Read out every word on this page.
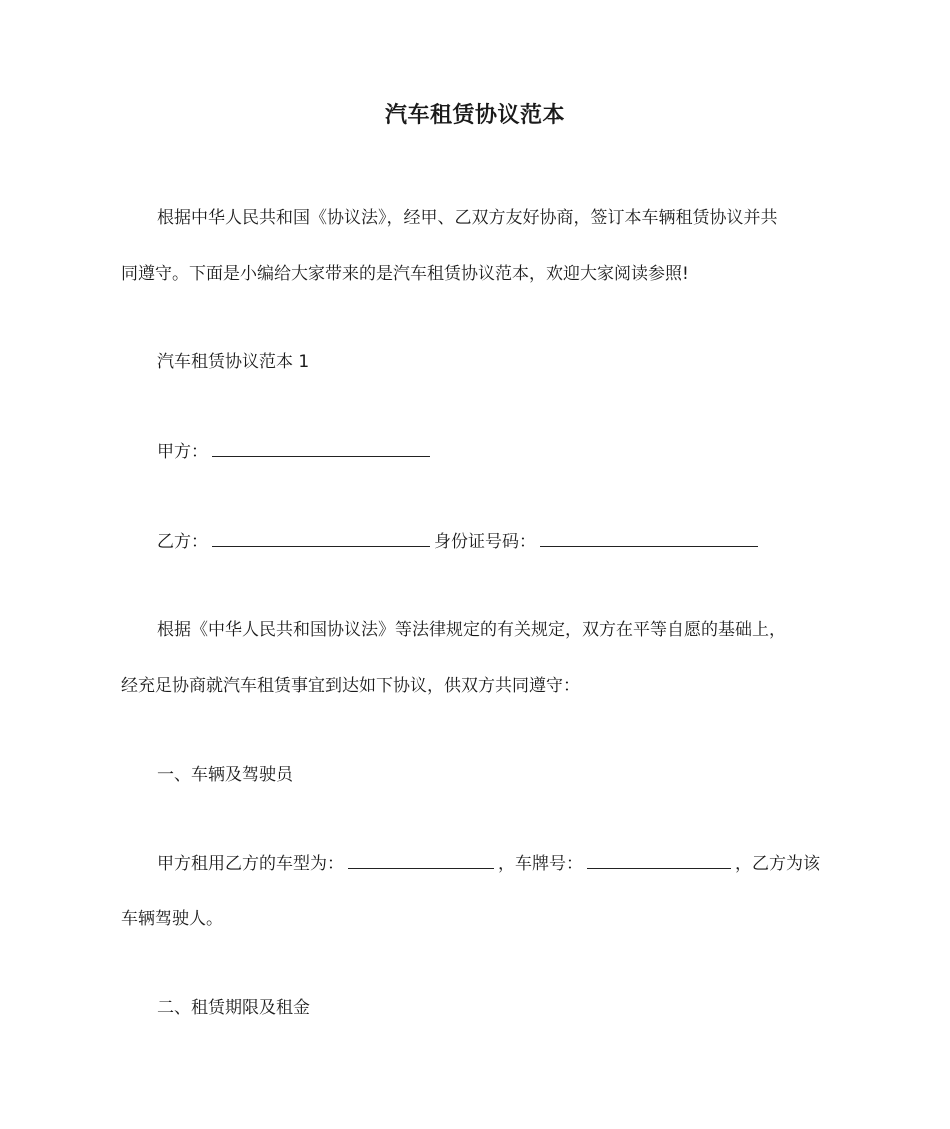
汽车租赁协议范本
根据中华人民共和国《协议法》，经甲、乙双方友好协商，签订本车辆租赁协议并共
同遵守。下面是小编给大家带来的是汽车租赁协议范本，欢迎大家阅读参照!
汽车租赁协议范本 1
甲方：
乙方：	身份证号码：
根据《中华人民共和国协议法》等法律规定的有关规定，双方在平等自愿的基础上，
经充足协商就汽车租赁事宜到达如下协议，供双方共同遵守：
一、车辆及驾驶员
甲方租用乙方的车型为：	，车牌号：	，乙方为该
车辆驾驶人。
二、租赁期限及租金
